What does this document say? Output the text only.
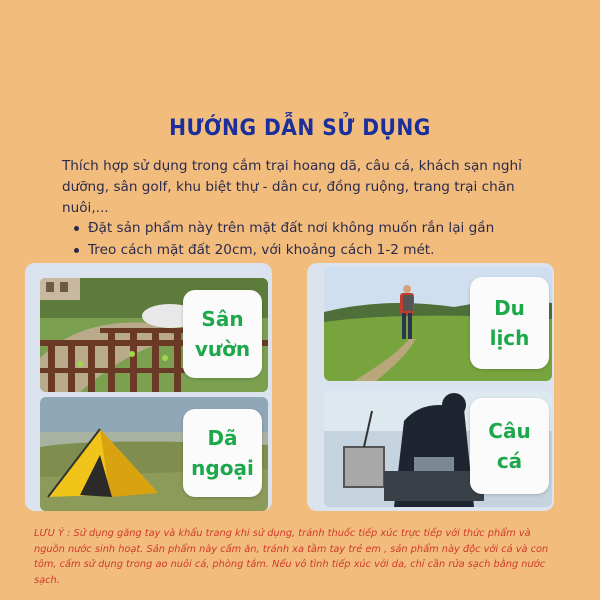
HƯỚNG DẪN SỬ DỤNG
Thích hợp sử dụng trong cắm trại hoang dã, câu cá, khách sạn nghỉ dưỡng, sân golf, khu biệt thự - dân cư, đồng ruộng, trang trại chăn nuôi,...
Đặt sản phẩm này trên mặt đất nơi không muốn rắn lại gần
Treo cách mặt đất 20cm, với khoảng cách 1-2 mét.
Sân
vườn
Dã
ngoại
Du
lịch
Câu
cá
LƯU Ý : Sử dụng găng tay và khẩu trang khi sử dụng, tránh thuốc tiếp xúc trực tiếp với thức phẩm và nguồn nước sinh hoạt. Sản phẩm này cấm ăn, tránh xa tầm tay trẻ em , sản phẩm này độc với cá và con tôm, cấm sử dụng trong ao nuôi cá, phòng tắm. Nếu vô tình tiếp xúc với da, chỉ cần rửa sạch bằng nước sạch.
